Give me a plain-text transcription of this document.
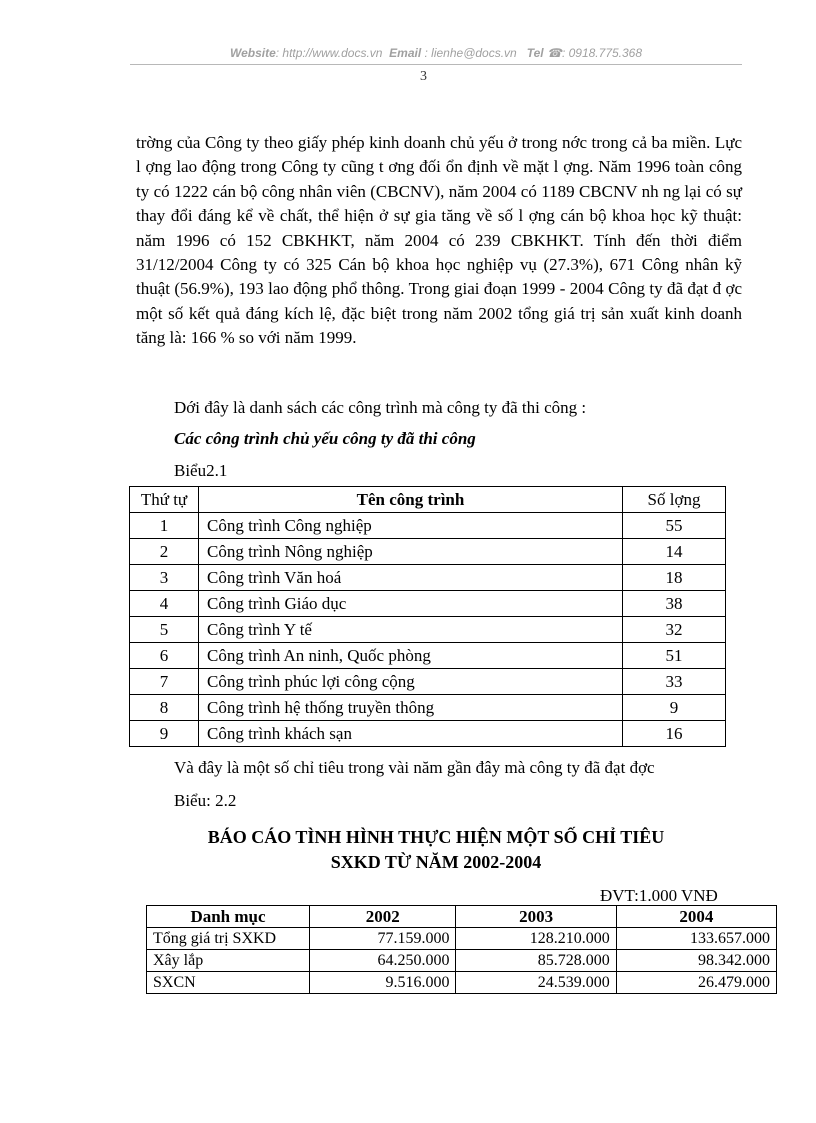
Website: http://www.docs.vn Email : lienhe@docs.vn Tel ☎: 0918.775.368
3

trờng của Công ty theo giấy phép kinh doanh chủ yếu ở trong nớc trong cả ba miền. Lực l ợng lao động trong Công ty cũng t ơng đối ổn định về mặt l ợng. Năm 1996 toàn công ty có 1222 cán bộ công nhân viên (CBCNV), năm 2004 có 1189 CBCNV nh ng lại có sự thay đổi đáng kể về chất, thể hiện ở sự gia tăng về số l ợng cán bộ khoa học kỹ thuật: năm 1996 có 152 CBKHKT, năm 2004 có 239 CBKHKT. Tính đến thời điểm 31/12/2004 Công ty có 325 Cán bộ khoa học nghiệp vụ (27.3%), 671 Công nhân kỹ thuật (56.9%), 193 lao động phổ thông. Trong giai đoạn 1999 - 2004 Công ty đã đạt đ ợc một số kết quả đáng kích lệ, đặc biệt trong năm 2002 tổng giá trị sản xuất kinh doanh tăng là: 166 % so với năm 1999.

Dới đây là danh sách các công trình mà công ty đã thi công :
Các công trình chủ yếu công ty đã thi công
Biểu2.1
Thứ tự	Tên công trình	Số lợng
1	Công trình Công nghiệp	55
2	Công trình Nông nghiệp	14
3	Công trình Văn hoá	18
4	Công trình Giáo dục	38
5	Công trình Y tế	32
6	Công trình An ninh, Quốc phòng	51
7	Công trình phúc lợi công cộng	33
8	Công trình hệ thống truyền thông	9
9	Công trình khách sạn	16
Và đây là một số chỉ tiêu trong vài năm gần đây mà công ty đã đạt đợc
Biểu: 2.2
BÁO CÁO TÌNH HÌNH THỰC HIỆN MỘT SỐ CHỈ TIÊU
SXKD TỪ NĂM 2002-2004
ĐVT:1.000 VNĐ
Danh mục	2002	2003	2004
Tổng giá trị SXKD	77.159.000	128.210.000	133.657.000
Xây lắp	64.250.000	85.728.000	98.342.000
SXCN	9.516.000	24.539.000	26.479.000
